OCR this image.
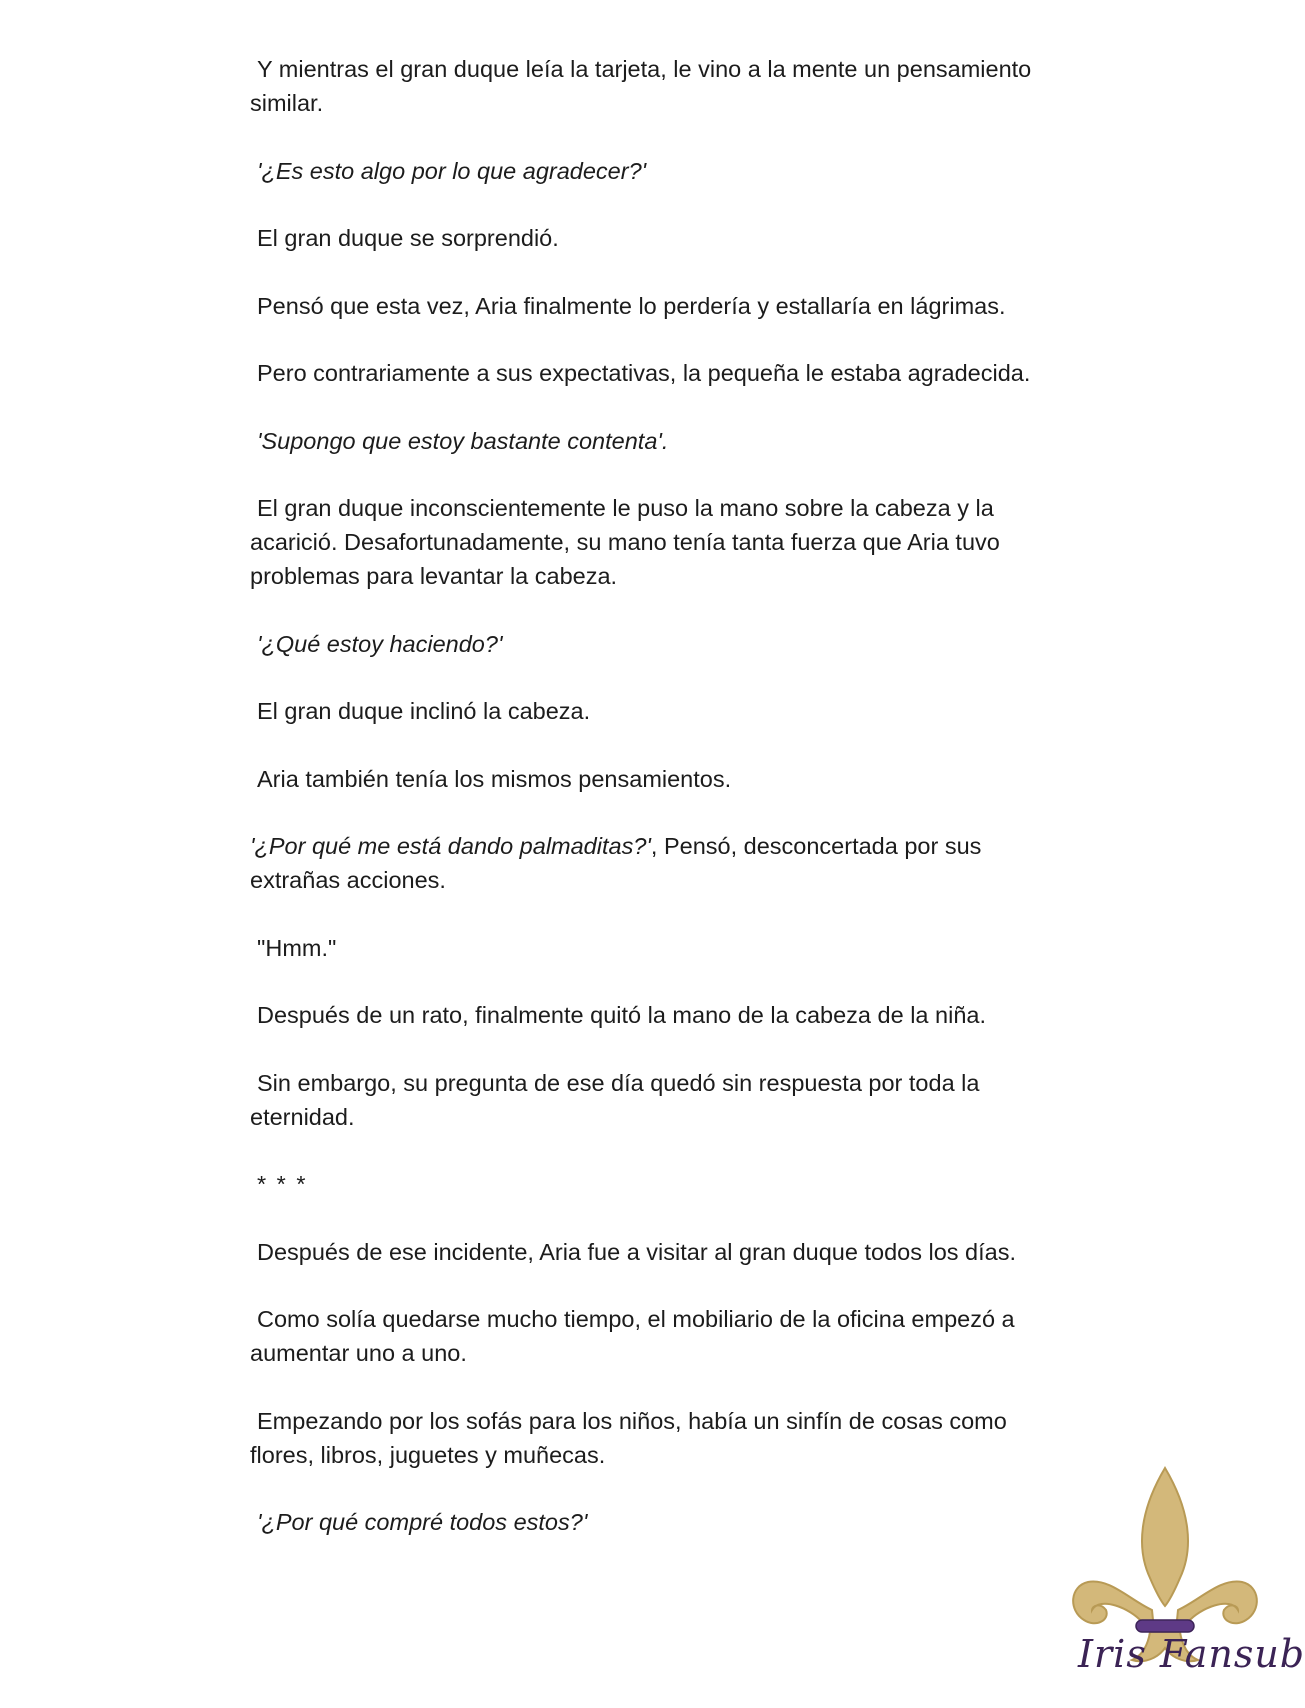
Y mientras el gran duque leía la tarjeta, le vino a la mente un pensamiento similar.

'¿Es esto algo por lo que agradecer?'

El gran duque se sorprendió.

Pensó que esta vez, Aria finalmente lo perdería y estallaría en lágrimas.

Pero contrariamente a sus expectativas, la pequeña le estaba agradecida.

'Supongo que estoy bastante contenta'.

El gran duque inconscientemente le puso la mano sobre la cabeza y la acarició. Desafortunadamente, su mano tenía tanta fuerza que Aria tuvo problemas para levantar la cabeza.

'¿Qué estoy haciendo?'

El gran duque inclinó la cabeza.

Aria también tenía los mismos pensamientos.

'¿Por qué me está dando palmaditas?', Pensó, desconcertada por sus extrañas acciones.

"Hmm."

Después de un rato, finalmente quitó la mano de la cabeza de la niña.

Sin embargo, su pregunta de ese día quedó sin respuesta por toda la eternidad.

* * *

Después de ese incidente, Aria fue a visitar al gran duque todos los días.

Como solía quedarse mucho tiempo, el mobiliario de la oficina empezó a aumentar uno a uno.

Empezando por los sofás para los niños, había un sinfín de cosas como flores, libros, juguetes y muñecas.

'¿Por qué compré todos estos?'

Iris Fansub
